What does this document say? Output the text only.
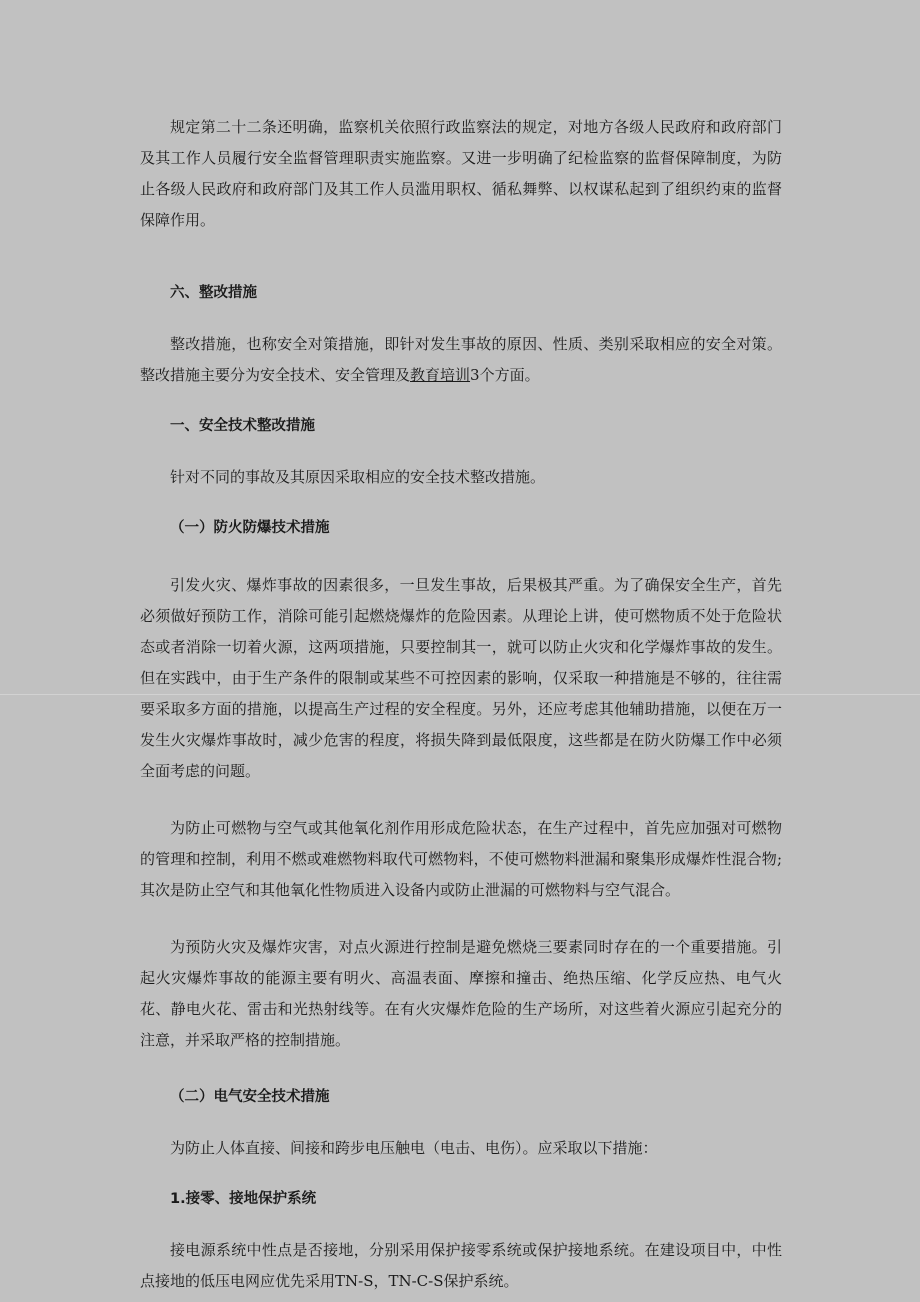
规定第二十二条还明确，监察机关依照行政监察法的规定，对地方各级人民政府和政府部门及其工作人员履行安全监督管理职责实施监察。又进一步明确了纪检监察的监督保障制度，为防止各级人民政府和政府部门及其工作人员滥用职权、循私舞弊、以权谋私起到了组织约束的监督保障作用。

六、整改措施

整改措施，也称安全对策措施，即针对发生事故的原因、性质、类别采取相应的安全对策。整改措施主要分为安全技术、安全管理及教育培训3个方面。

一、安全技术整改措施

针对不同的事故及其原因采取相应的安全技术整改措施。

（一）防火防爆技术措施

引发火灾、爆炸事故的因素很多，一旦发生事故，后果极其严重。为了确保安全生产，首先必须做好预防工作，消除可能引起燃烧爆炸的危险因素。从理论上讲，使可燃物质不处于危险状态或者消除一切着火源，这两项措施，只要控制其一，就可以防止火灾和化学爆炸事故的发生。但在实践中，由于生产条件的限制或某些不可控因素的影响，仅采取一种措施是不够的，往往需要采取多方面的措施，以提高生产过程的安全程度。另外，还应考虑其他辅助措施，以便在万一发生火灾爆炸事故时，减少危害的程度，将损失降到最低限度，这些都是在防火防爆工作中必须全面考虑的问题。

为防止可燃物与空气或其他氧化剂作用形成危险状态，在生产过程中，首先应加强对可燃物的管理和控制，利用不燃或难燃物料取代可燃物料，不使可燃物料泄漏和聚集形成爆炸性混合物;其次是防止空气和其他氧化性物质进入设备内或防止泄漏的可燃物料与空气混合。

为预防火灾及爆炸灾害，对点火源进行控制是避免燃烧三要素同时存在的一个重要措施。引起火灾爆炸事故的能源主要有明火、高温表面、摩擦和撞击、绝热压缩、化学反应热、电气火花、静电火花、雷击和光热射线等。在有火灾爆炸危险的生产场所，对这些着火源应引起充分的注意，并采取严格的控制措施。

（二）电气安全技术措施

为防止人体直接、间接和跨步电压触电（电击、电伤）。应采取以下措施：

1.接零、接地保护系统

接电源系统中性点是否接地，分别采用保护接零系统或保护接地系统。在建设项目中，中性点接地的低压电网应优先采用TN-S，TN-C-S保护系统。
